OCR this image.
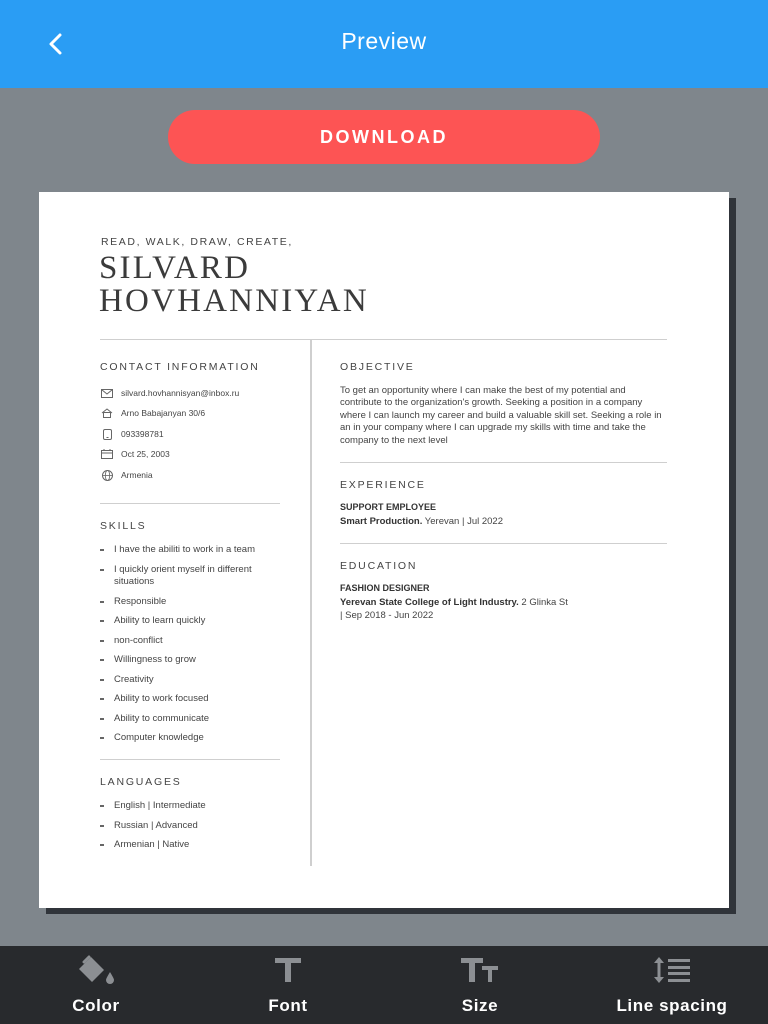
Preview
DOWNLOAD
READ, WALK, DRAW, CREATE,
SILVARD
HOVHANNIYAN
CONTACT INFORMATION
silvard.hovhannisyan@inbox.ru
Arno Babajanyan 30/6
093398781
Oct 25, 2003
Armenia
SKILLS
I have the abiliti to work in a team
I quickly orient myself in different situations
Responsible
Ability to learn quickly
non-conflict
Willingness to grow
Creativity
Ability to work focused
Ability to communicate
Computer knowledge
LANGUAGES
English | Intermediate
Russian | Advanced
Armenian | Native
OBJECTIVE
To get an opportunity where I can make the best of my potential and contribute to the organization's growth. Seeking a position in a company where I can launch my career and build a valuable skill set. Seeking a role in an in your company where I can upgrade my skills with time and take the company to the next level
EXPERIENCE
SUPPORT EMPLOYEE
Smart Production. Yerevan | Jul 2022
EDUCATION
FASHION DESIGNER
Yerevan State College of Light Industry. 2 Glinka St
| Sep 2018 - Jun 2022
Color	Font	Size	Line spacing
